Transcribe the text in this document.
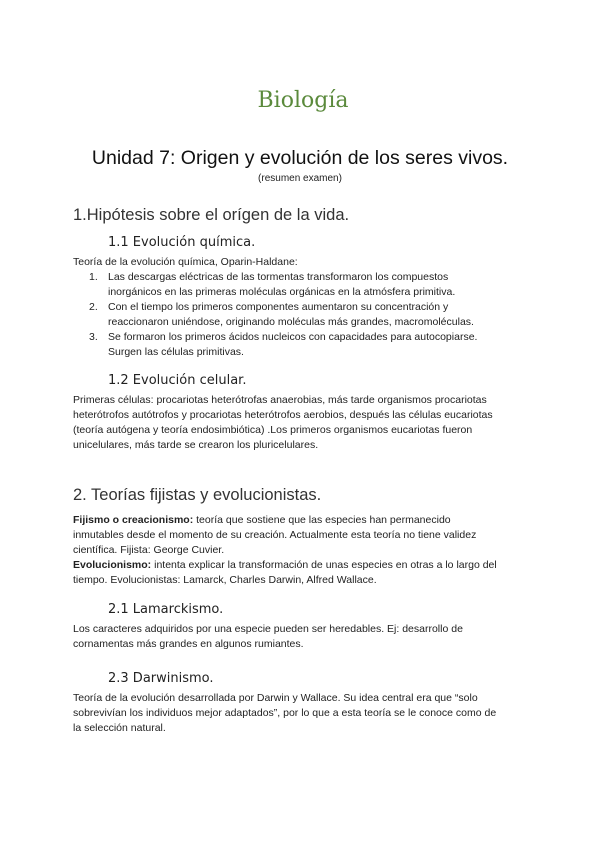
Biología
Unidad 7: Origen y evolución de los seres vivos.
(resumen examen)
1.Hipótesis sobre el orígen de la vida.
1.1 Evolución química.
Teoría de la evolución química, Oparin-Haldane:
1. Las descargas eléctricas de las tormentas transformaron los compuestos
inorgánicos en las primeras moléculas orgánicas en la atmósfera primitiva.
2. Con el tiempo los primeros componentes aumentaron su concentración y
reaccionaron uniéndose, originando moléculas más grandes, macromoléculas.
3. Se formaron los primeros ácidos nucleicos con capacidades para autocopiarse.
Surgen las células primitivas.
1.2 Evolución celular.
Primeras células: procariotas heterótrofas anaerobias, más tarde organismos procariotas
heterótrofos autótrofos y procariotas heterótrofos aerobios, después las células eucariotas
(teoría autógena y teoría endosimbiótica) .Los primeros organismos eucariotas fueron
unicelulares, más tarde se crearon los pluricelulares.
2. Teorías fijistas y evolucionistas.
Fijismo o creacionismo: teoría que sostiene que las especies han permanecido
inmutables desde el momento de su creación. Actualmente esta teoría no tiene validez
científica. Fijista: George Cuvier.
Evolucionismo: intenta explicar la transformación de unas especies en otras a lo largo del
tiempo. Evolucionistas: Lamarck, Charles Darwin, Alfred Wallace.
2.1 Lamarckismo.
Los caracteres adquiridos por una especie pueden ser heredables. Ej: desarrollo de
cornamentas más grandes en algunos rumiantes.
2.3 Darwinismo.
Teoría de la evolución desarrollada por Darwin y Wallace. Su idea central era que “solo
sobrevivían los individuos mejor adaptados”, por lo que a esta teoría se le conoce como de
la selección natural.
